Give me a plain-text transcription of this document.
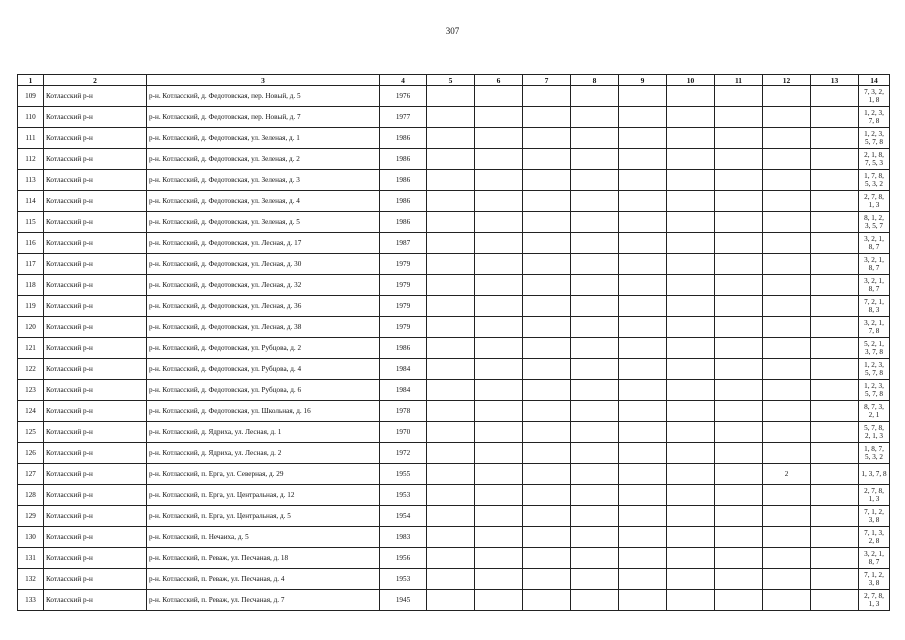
307
1	2	3	4	5	6	7	8	9	10	11	12	13	14
109	Котласский р-н	р-н. Котласский, д. Федотовская, пер. Новый, д. 5	1976										7, 3, 2, 1, 8
110	Котласский р-н	р-н. Котласский, д. Федотовская, пер. Новый, д. 7	1977										1, 2, 3, 7, 8
111	Котласский р-н	р-н. Котласский, д. Федотовская, ул. Зеленая, д. 1	1986										1, 2, 3, 5, 7, 8
112	Котласский р-н	р-н. Котласский, д. Федотовская, ул. Зеленая, д. 2	1986										2, 1, 8, 7, 5, 3
113	Котласский р-н	р-н. Котласский, д. Федотовская, ул. Зеленая, д. 3	1986										1, 7, 8, 5, 3, 2
114	Котласский р-н	р-н. Котласский, д. Федотовская, ул. Зеленая, д. 4	1986										2, 7, 8, 1, 3
115	Котласский р-н	р-н. Котласский, д. Федотовская, ул. Зеленая, д. 5	1986										8, 1, 2, 3, 5, 7
116	Котласский р-н	р-н. Котласский, д. Федотовская, ул. Лесная, д. 17	1987										3, 2, 1, 8, 7
117	Котласский р-н	р-н. Котласский, д. Федотовская, ул. Лесная, д. 30	1979										3, 2, 1, 8, 7
118	Котласский р-н	р-н. Котласский, д. Федотовская, ул. Лесная, д. 32	1979										3, 2, 1, 8, 7
119	Котласский р-н	р-н. Котласский, д. Федотовская, ул. Лесная, д. 36	1979										7, 2, 1, 8, 3
120	Котласский р-н	р-н. Котласский, д. Федотовская, ул. Лесная, д. 38	1979										3, 2, 1, 7, 8
121	Котласский р-н	р-н. Котласский, д. Федотовская, ул. Рубцова, д. 2	1986										5, 2, 1, 3, 7, 8
122	Котласский р-н	р-н. Котласский, д. Федотовская, ул. Рубцова, д. 4	1984										1, 2, 3, 5, 7, 8
123	Котласский р-н	р-н. Котласский, д. Федотовская, ул. Рубцова, д. 6	1984										1, 2, 3, 5, 7, 8
124	Котласский р-н	р-н. Котласский, д. Федотовская, ул. Школьная, д. 16	1978										8, 7, 3, 2, 1
125	Котласский р-н	р-н. Котласский, д. Ядриха, ул. Лесная, д. 1	1970										5, 7, 8, 2, 1, 3
126	Котласский р-н	р-н. Котласский, д. Ядриха, ул. Лесная, д. 2	1972										1, 8, 7, 5, 3, 2
127	Котласский р-н	р-н. Котласский, п. Ерга, ул. Северная, д. 29	1955								2		1, 3, 7, 8
128	Котласский р-н	р-н. Котласский, п. Ерга, ул. Центральная, д. 12	1953										2, 7, 8, 1, 3
129	Котласский р-н	р-н. Котласский, п. Ерга, ул. Центральная, д. 5	1954										7, 1, 2, 3, 8
130	Котласский р-н	р-н. Котласский, п. Нечаиха, д. 5	1983										7, 1, 3, 2, 8
131	Котласский р-н	р-н. Котласский, п. Реваж, ул. Песчаная, д. 18	1956										3, 2, 1, 8, 7
132	Котласский р-н	р-н. Котласский, п. Реваж, ул. Песчаная, д. 4	1953										7, 1, 2, 3, 8
133	Котласский р-н	р-н. Котласский, п. Реваж, ул. Песчаная, д. 7	1945										2, 7, 8, 1, 3
